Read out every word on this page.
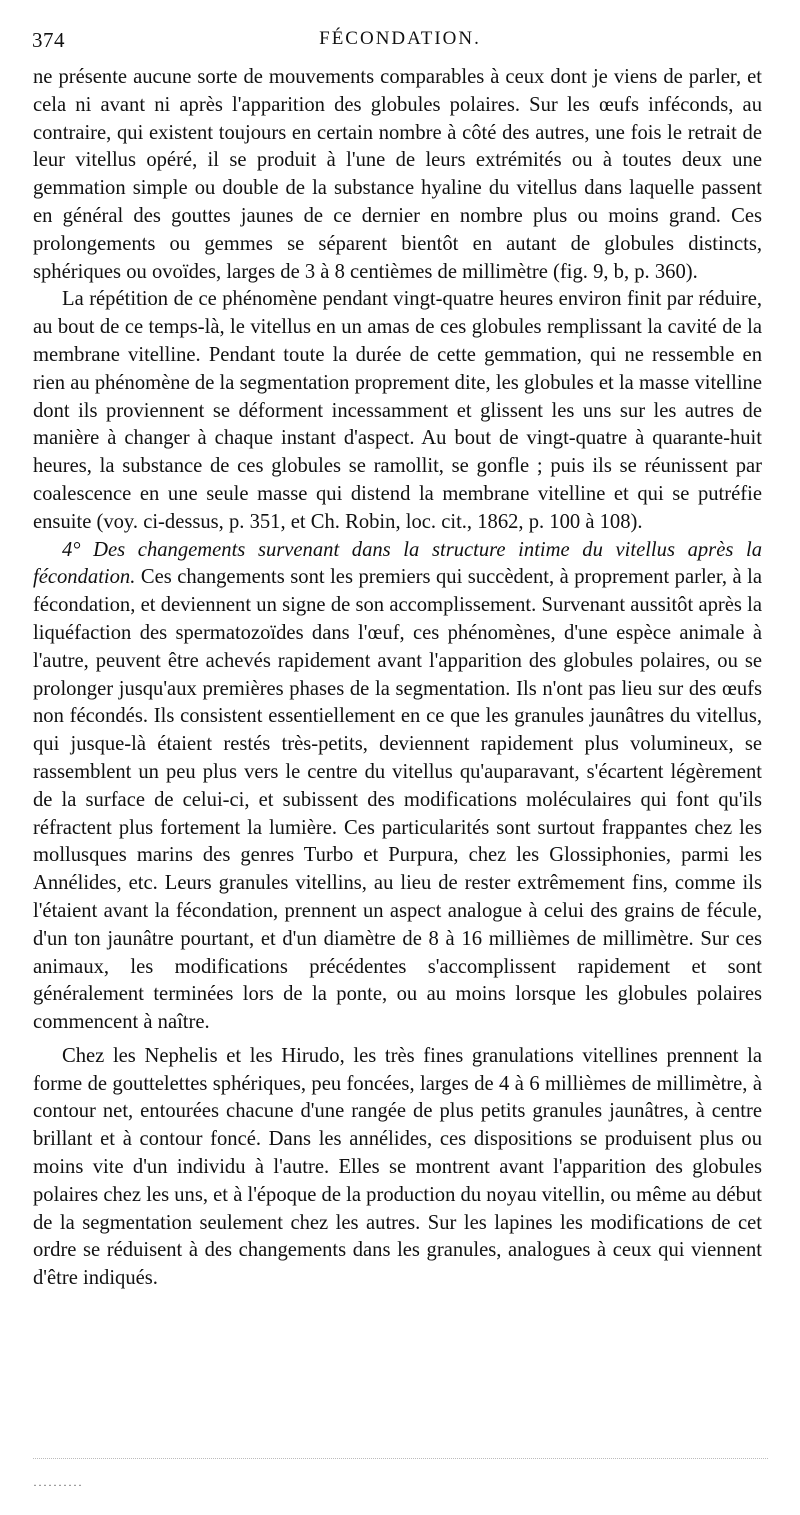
374	FÉCONDATION.

ne présente aucune sorte de mouvements comparables à ceux dont je viens de parler, et cela ni avant ni après l'apparition des globules polaires. Sur les œufs inféconds, au contraire, qui existent toujours en certain nombre à côté des autres, une fois le retrait de leur vitellus opéré, il se produit à l'une de leurs extrémités ou à toutes deux une gemmation simple ou double de la substance hyaline du vitellus dans laquelle passent en général des gouttes jaunes de ce dernier en nombre plus ou moins grand. Ces prolongements ou gemmes se séparent bientôt en autant de globules distincts, sphériques ou ovoïdes, larges de 3 à 8 centièmes de millimètre (fig. 9, b, p. 360).

La répétition de ce phénomène pendant vingt-quatre heures environ finit par réduire, au bout de ce temps-là, le vitellus en un amas de ces globules remplissant la cavité de la membrane vitelline. Pendant toute la durée de cette gemmation, qui ne ressemble en rien au phénomène de la segmentation proprement dite, les globules et la masse vitelline dont ils proviennent se déforment incessamment et glissent les uns sur les autres de manière à changer à chaque instant d'aspect. Au bout de vingt-quatre à quarante-huit heures, la substance de ces globules se ramollit, se gonfle ; puis ils se réunissent par coalescence en une seule masse qui distend la membrane vitelline et qui se putréfie ensuite (voy. ci-dessus, p. 351, et Ch. Robin, loc. cit., 1862, p. 100 à 108).

4° Des changements survenant dans la structure intime du vitellus après la fécondation. Ces changements sont les premiers qui succèdent, à proprement parler, à la fécondation, et deviennent un signe de son accomplissement. Survenant aussitôt après la liquéfaction des spermatozoïdes dans l'œuf, ces phénomènes, d'une espèce animale à l'autre, peuvent être achevés rapidement avant l'apparition des globules polaires, ou se prolonger jusqu'aux premières phases de la segmentation. Ils n'ont pas lieu sur des œufs non fécondés. Ils consistent essentiellement en ce que les granules jaunâtres du vitellus, qui jusque-là étaient restés très-petits, deviennent rapidement plus volumineux, se rassemblent un peu plus vers le centre du vitellus qu'auparavant, s'écartent légèrement de la surface de celui-ci, et subissent des modifications moléculaires qui font qu'ils réfractent plus fortement la lumière. Ces particularités sont surtout frappantes chez les mollusques marins des genres Turbo et Purpura, chez les Glossiphonies, parmi les Annélides, etc. Leurs granules vitellins, au lieu de rester extrêmement fins, comme ils l'étaient avant la fécondation, prennent un aspect analogue à celui des grains de fécule, d'un ton jaunâtre pourtant, et d'un diamètre de 8 à 16 millièmes de millimètre. Sur ces animaux, les modifications précédentes s'accomplissent rapidement et sont généralement terminées lors de la ponte, ou au moins lorsque les globules polaires commencent à naître.

Chez les Nephelis et les Hirudo, les très fines granulations vitellines prennent la forme de gouttelettes sphériques, peu foncées, larges de 4 à 6 millièmes de millimètre, à contour net, entourées chacune d'une rangée de plus petits granules jaunâtres, à centre brillant et à contour foncé. Dans les annélides, ces dispositions se produisent plus ou moins vite d'un individu à l'autre. Elles se montrent avant l'apparition des globules polaires chez les uns, et à l'époque de la production du noyau vitellin, ou même au début de la segmentation seulement chez les autres. Sur les lapines les modifications de cet ordre se réduisent à des changements dans les granules, analogues à ceux qui viennent d'être indiqués.

··········
